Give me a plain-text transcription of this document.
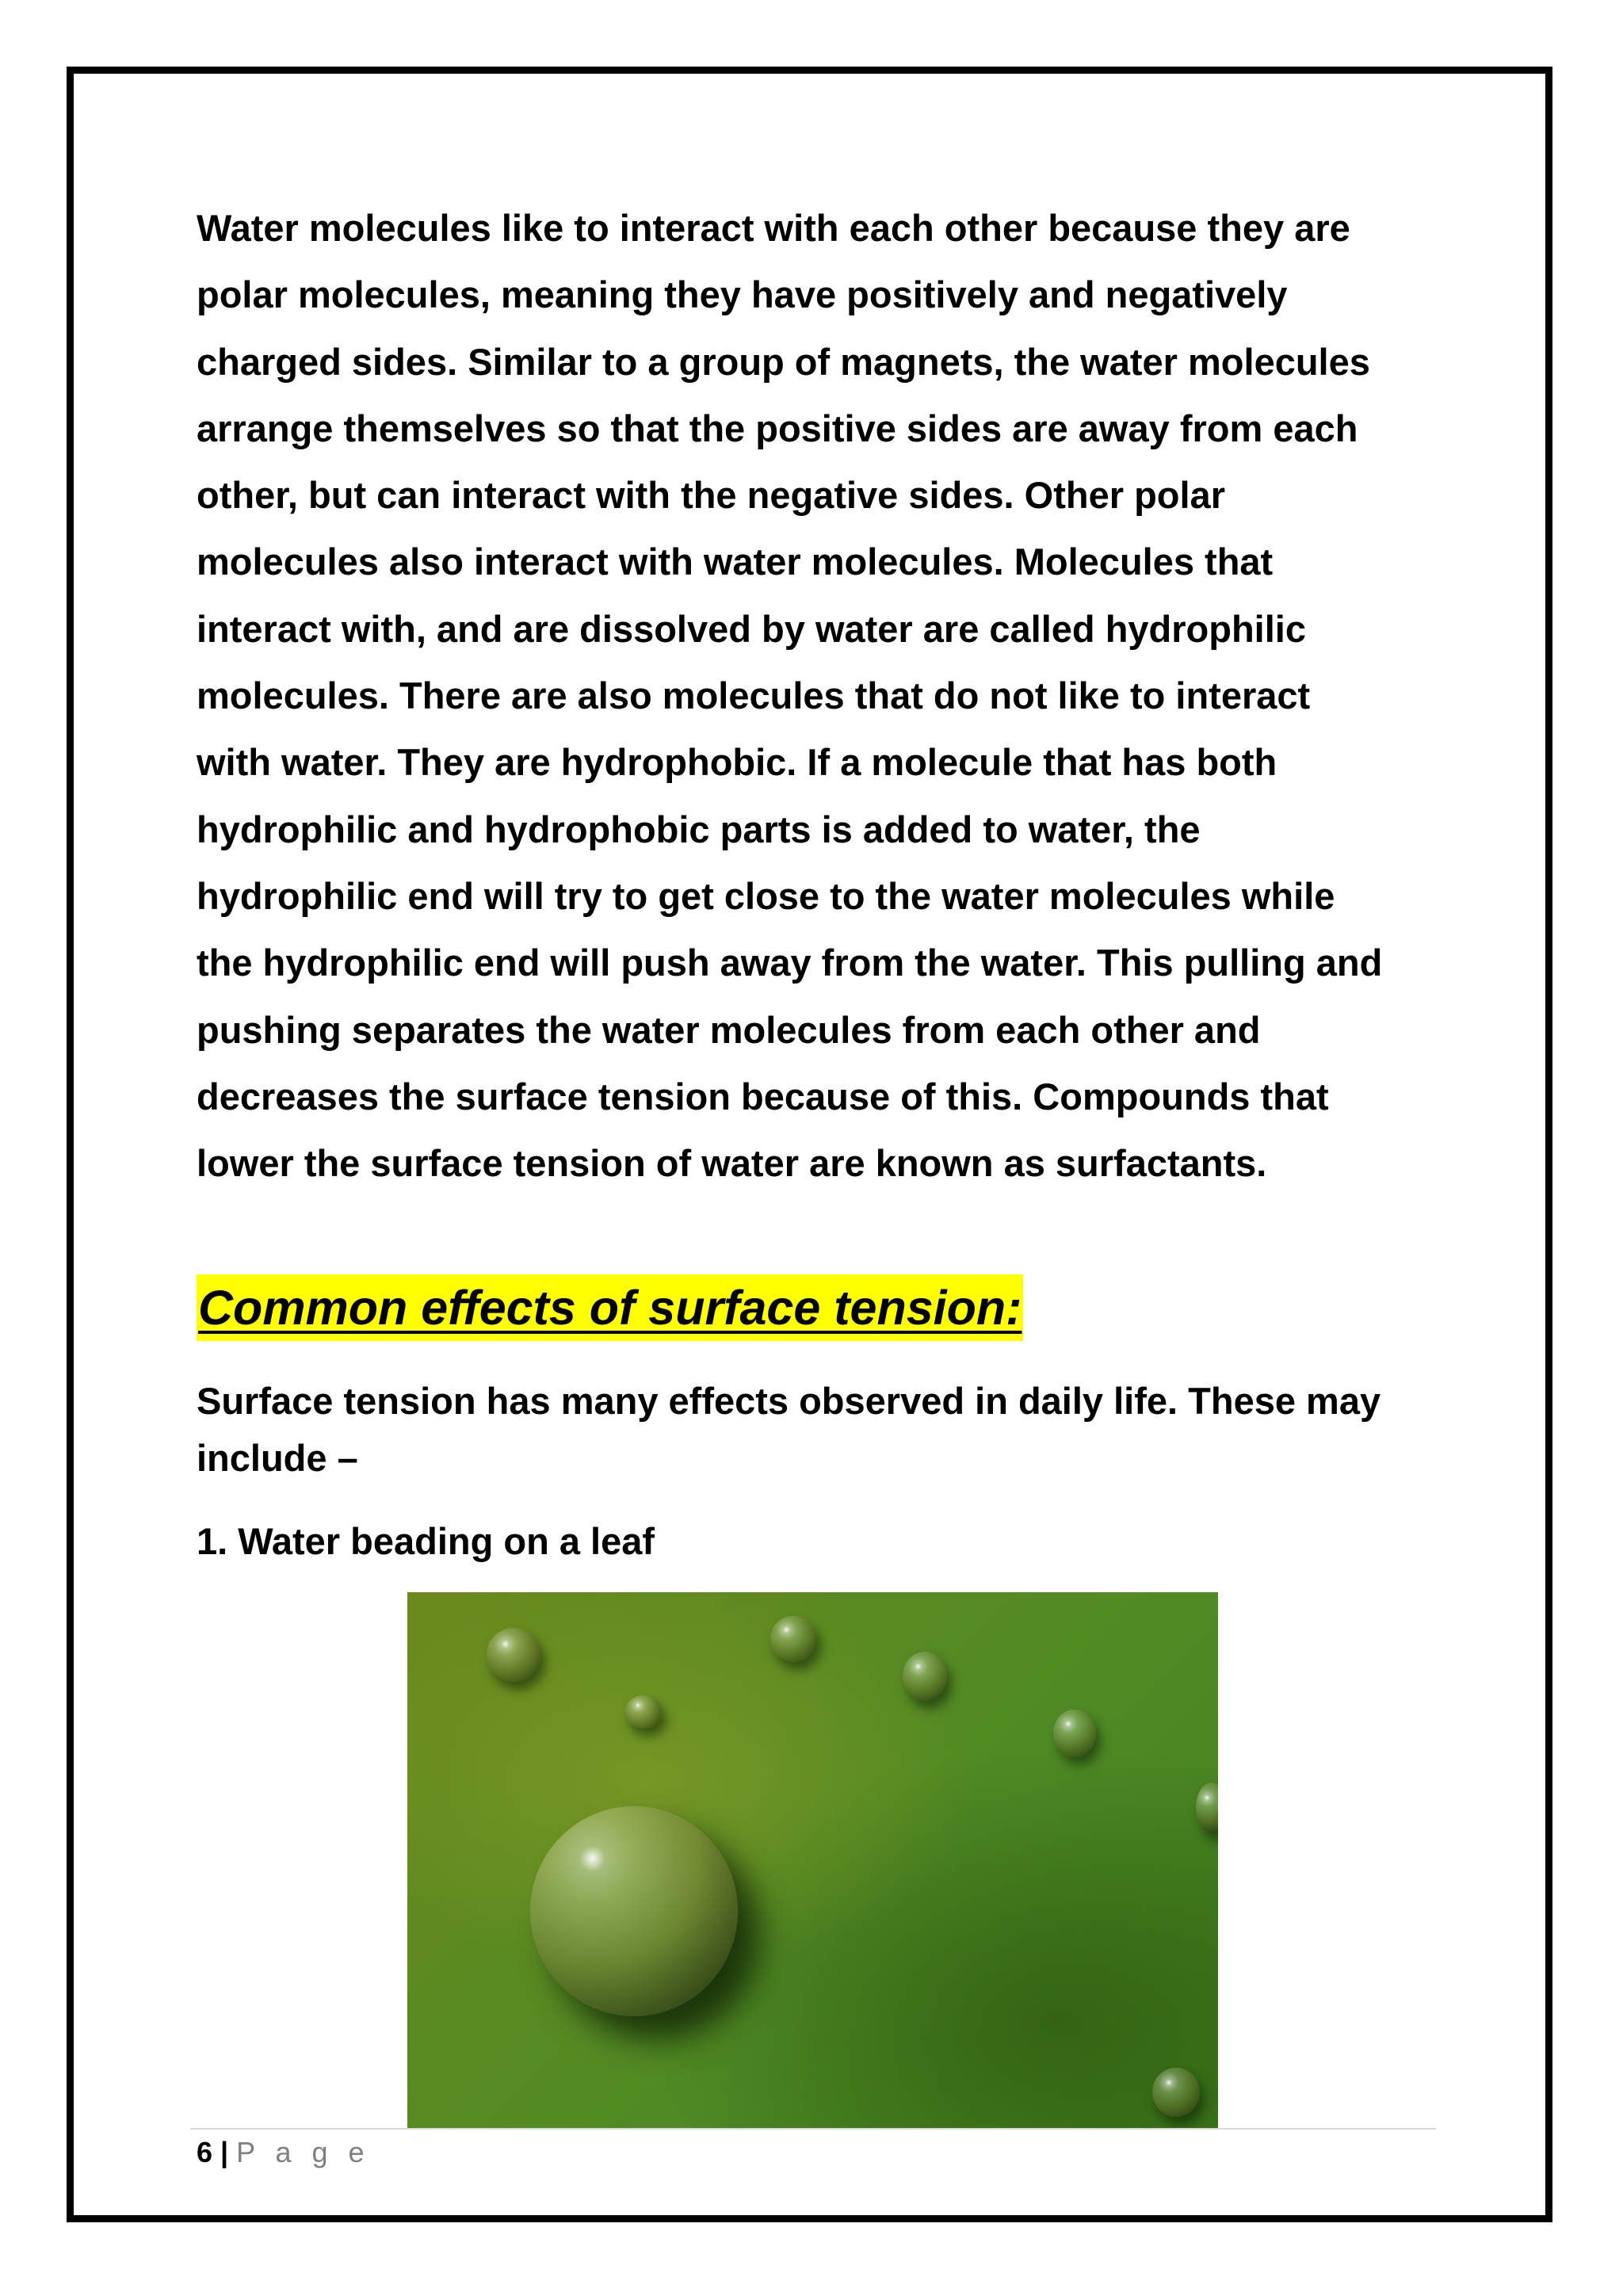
Water molecules like to interact with each other because they are

polar molecules, meaning they have positively and negatively

charged sides. Similar to a group of magnets, the water molecules

arrange themselves so that the positive sides are away from each

other, but can interact with the negative sides. Other polar

molecules also interact with water molecules. Molecules that

interact with, and are dissolved by water are called hydrophilic

molecules. There are also molecules that do not like to interact

with water. They are hydrophobic. If a molecule that has both

hydrophilic and hydrophobic parts is added to water, the

hydrophilic end will try to get close to the water molecules while

the hydrophilic end will push away from the water. This pulling and

pushing separates the water molecules from each other and

decreases the surface tension because of this. Compounds that

lower the surface tension of water are known as surfactants.

Common effects of surface tension:

Surface tension has many effects observed in daily life. These may include –

1. Water beading on a leaf

6 | P a g e
